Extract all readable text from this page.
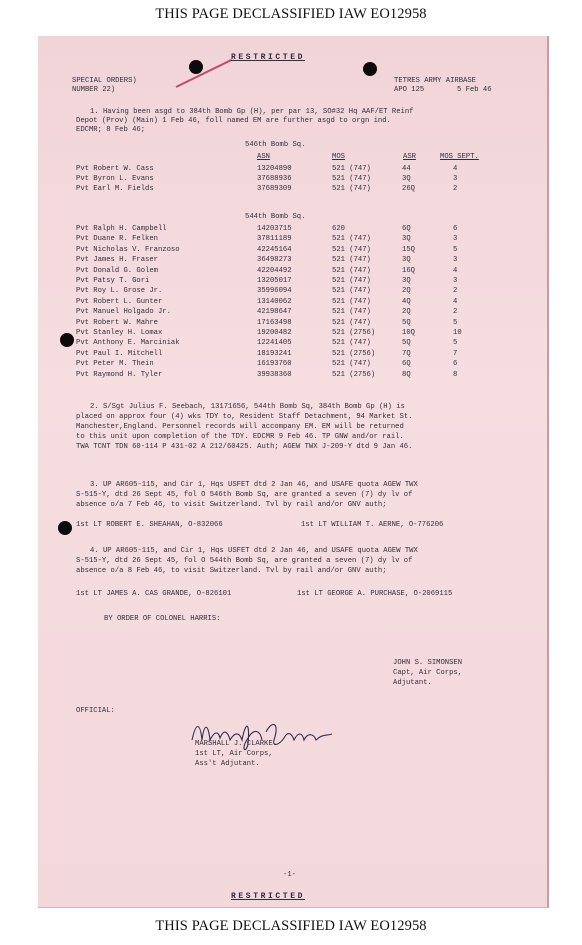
THIS PAGE DECLASSIFIED IAW EO12958
RESTRICTED
SPECIAL ORDERS)
NUMBER 22)
TETRES ARMY AIRBASE
APO 125	5 Feb 46
1. Having been asgd to 384th Bomb Gp (H), per par 13, SO#32 Hq AAF/ET Reinf
Depot (Prov) (Main) 1 Feb 46, foll named EM are further asgd to orgn ind.
EDCMR; 8 Feb 46;
546th Bomb Sq.
ASN	MOS	ASR	MOS SEPT.
544th Bomb Sq.
1st LT ROBERT E. SHEAHAN, O-832066	1st LT WILLIAM T. AERNE, O-776206
1st LT JAMES A. CAS GRANDE, O-826101	1st LT GEORGE A. PURCHASE, O-2069115
BY ORDER OF COLONEL HARRIS:
JOHN S. SIMONSEN
Capt, Air Corps,
Adjutant.
OFFICIAL:
MARSHALL J. CLARKE
1st LT, Air Corps,
Ass't Adjutant.
-1-
RESTRICTED
Pvt Robert W. Cass	13204890	521 (747)	44	4
Pvt Byron L. Evans	37688936	521 (747)	3Q	3
Pvt Earl M. Fields	37689309	521 (747)	26Q	2
Pvt Ralph H. Campbell	14203715	620	6Q	6
Pvt Duane R. Felken	37811189	521 (747)	3Q	3
Pvt Nicholas V. Franzoso	42245164	521 (747)	15Q	5
Pvt James H. Fraser	36498273	521 (747)	3Q	3
Pvt Donald G. Golem	42204492	521 (747)	16Q	4
Pvt Patsy T. Gori	13205017	521 (747)	3Q	3
Pvt Roy L. Grose Jr.	35996094	521 (747)	2Q	2
Pvt Robert L. Gunter	13140062	521 (747)	4Q	4
Pvt Manuel Holgado Jr.	42198647	521 (747)	2Q	2
Pvt Robert W. Mahre	17163498	521 (747)	5Q	5
Pvt Stanley H. Lomax	19200482	521 (2756)	10Q	10
Pvt Anthony E. Marciniak	12241405	521 (747)	5Q	5
Pvt Paul I. Mitchell	18193241	521 (2756)	7Q	7
Pvt Peter M. Thein	16193760	521 (747)	6Q	6
Pvt Raymond H. Tyler	39938360	521 (2756)	8Q	8
2. S/Sgt Julius F. Seebach, 13171656, 544th Bomb Sq, 384th Bomb Gp (H) is
placed on approx four (4) wks TDY to, Resident Staff Detachment, 94 Market St.
Manchester,England. Personnel records will accompany EM. EM will be returned
to this unit upon completion of the TDY. EDCMR 9 Feb 46. TP GNW and/or rail.
TWA TCNT TDN 60-114 P 431-02 A 212/60425. Auth; AGEW TWX J-209-Y dtd 9 Jan 46.
3. UP AR605-115, and Cir 1, Hqs USFET dtd 2 Jan 46, and USAFE quota AGEW TWX
S-515-Y, dtd 26 Sept 45, fol O 546th Bomb Sq, are granted a seven (7) dy lv of
absence o/a 7 Feb 46, to visit Switzerland. Tvl by rail and/or GNV auth;
4. UP AR605-115, and Cir 1, Hqs USFET dtd 2 Jan 46, and USAFE quota AGEW TWX
S-515-Y, dtd 26 Sept 45, fol O 544th Bomb Sq, are granted a seven (7) dy lv of
absence o/a 8 Feb 46, to visit Switzerland. Tvl by rail and/or GNV auth;
THIS PAGE DECLASSIFIED IAW EO12958
